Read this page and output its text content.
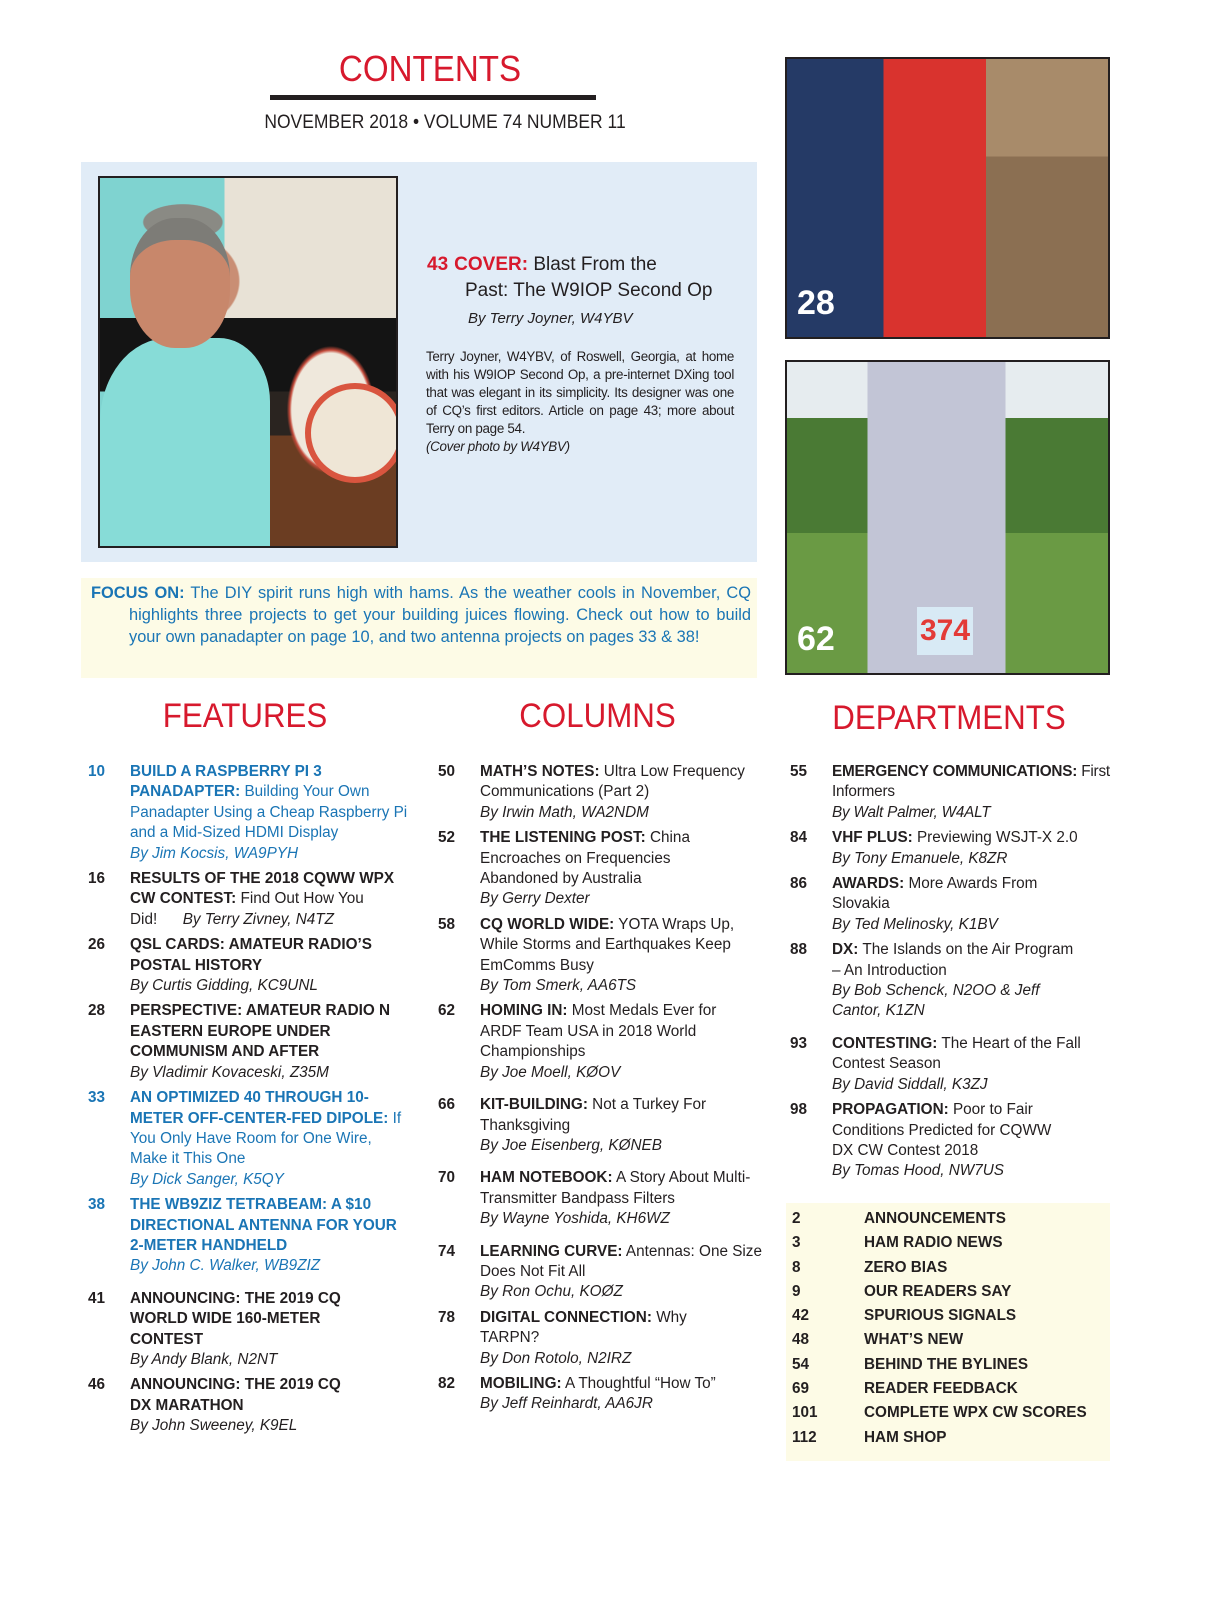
CONTENTS
NOVEMBER 2018 • VOLUME 74 NUMBER 11
43 COVER: Blast From the
Past: The W9IOP Second Op
By Terry Joyner, W4YBV
Terry Joyner, W4YBV, of Roswell, Georgia, at home with his W9IOP Second Op, a pre-internet DXing tool that was elegant in its simplicity. Its designer was one of CQ’s first editors. Article on page 43; more about Terry on page 54.
(Cover photo by W4YBV)
28
374
62

FOCUS ON: The DIY spirit runs high with hams. As the weather cools in November, CQ highlights three projects to get your building juices flowing. Check out how to build your own panadapter on page 10, and two antenna projects on pages 33 & 38!

FEATURES	COLUMNS	DEPARTMENTS
10	BUILD A RASPBERRY PI 3 PANADAPTER: Building Your Own Panadapter Using a Cheap Raspberry Pi and a Mid-Sized HDMI Display
By Jim Kocsis, WA9PYH
16	RESULTS OF THE 2018 CQWW WPX CW CONTEST: Find Out How You Did! By Terry Zivney, N4TZ
26	QSL CARDS: AMATEUR RADIO’S POSTAL HISTORY
By Curtis Gidding, KC9UNL
28	PERSPECTIVE: AMATEUR RADIO N EASTERN EUROPE UNDER COMMUNISM AND AFTER
By Vladimir Kovaceski, Z35M
33	AN OPTIMIZED 40 THROUGH 10-METER OFF-CENTER-FED DIPOLE: If You Only Have Room for One Wire, Make it This One
By Dick Sanger, K5QY
38	THE WB9ZIZ TETRABEAM: A $10 DIRECTIONAL ANTENNA FOR YOUR 2-METER HANDHELD
By John C. Walker, WB9ZIZ
41	ANNOUNCING: THE 2019 CQ WORLD WIDE 160-METER CONTEST
By Andy Blank, N2NT
46	ANNOUNCING: THE 2019 CQ DX MARATHON
By John Sweeney, K9EL
50	MATH’S NOTES: Ultra Low Frequency Communications (Part 2)
By Irwin Math, WA2NDM
52	THE LISTENING POST: China Encroaches on Frequencies Abandoned by Australia
By Gerry Dexter
58	CQ WORLD WIDE: YOTA Wraps Up, While Storms and Earthquakes Keep EmComms Busy
By Tom Smerk, AA6TS
62	HOMING IN: Most Medals Ever for ARDF Team USA in 2018 World Championships
By Joe Moell, KØOV
66	KIT-BUILDING: Not a Turkey For Thanksgiving
By Joe Eisenberg, KØNEB
70	HAM NOTEBOOK: A Story About Multi-Transmitter Bandpass Filters
By Wayne Yoshida, KH6WZ
74	LEARNING CURVE: Antennas: One Size Does Not Fit All
By Ron Ochu, KOØZ
78	DIGITAL CONNECTION: Why TARPN?
By Don Rotolo, N2IRZ
82	MOBILING: A Thoughtful “How To”
By Jeff Reinhardt, AA6JR
55	EMERGENCY COMMUNICATIONS: First Informers
By Walt Palmer, W4ALT
84	VHF PLUS: Previewing WSJT-X 2.0
By Tony Emanuele, K8ZR
86	AWARDS: More Awards From Slovakia
By Ted Melinosky, K1BV
88	DX: The Islands on the Air Program – An Introduction
By Bob Schenck, N2OO & Jeff Cantor, K1ZN
93	CONTESTING: The Heart of the Fall Contest Season
By David Siddall, K3ZJ
98	PROPAGATION: Poor to Fair Conditions Predicted for CQWW DX CW Contest 2018
By Tomas Hood, NW7US
2	ANNOUNCEMENTS
3	HAM RADIO NEWS
8	ZERO BIAS
9	OUR READERS SAY
42	SPURIOUS SIGNALS
48	WHAT’S NEW
54	BEHIND THE BYLINES
69	READER FEEDBACK
101	COMPLETE WPX CW SCORES
112	HAM SHOP
